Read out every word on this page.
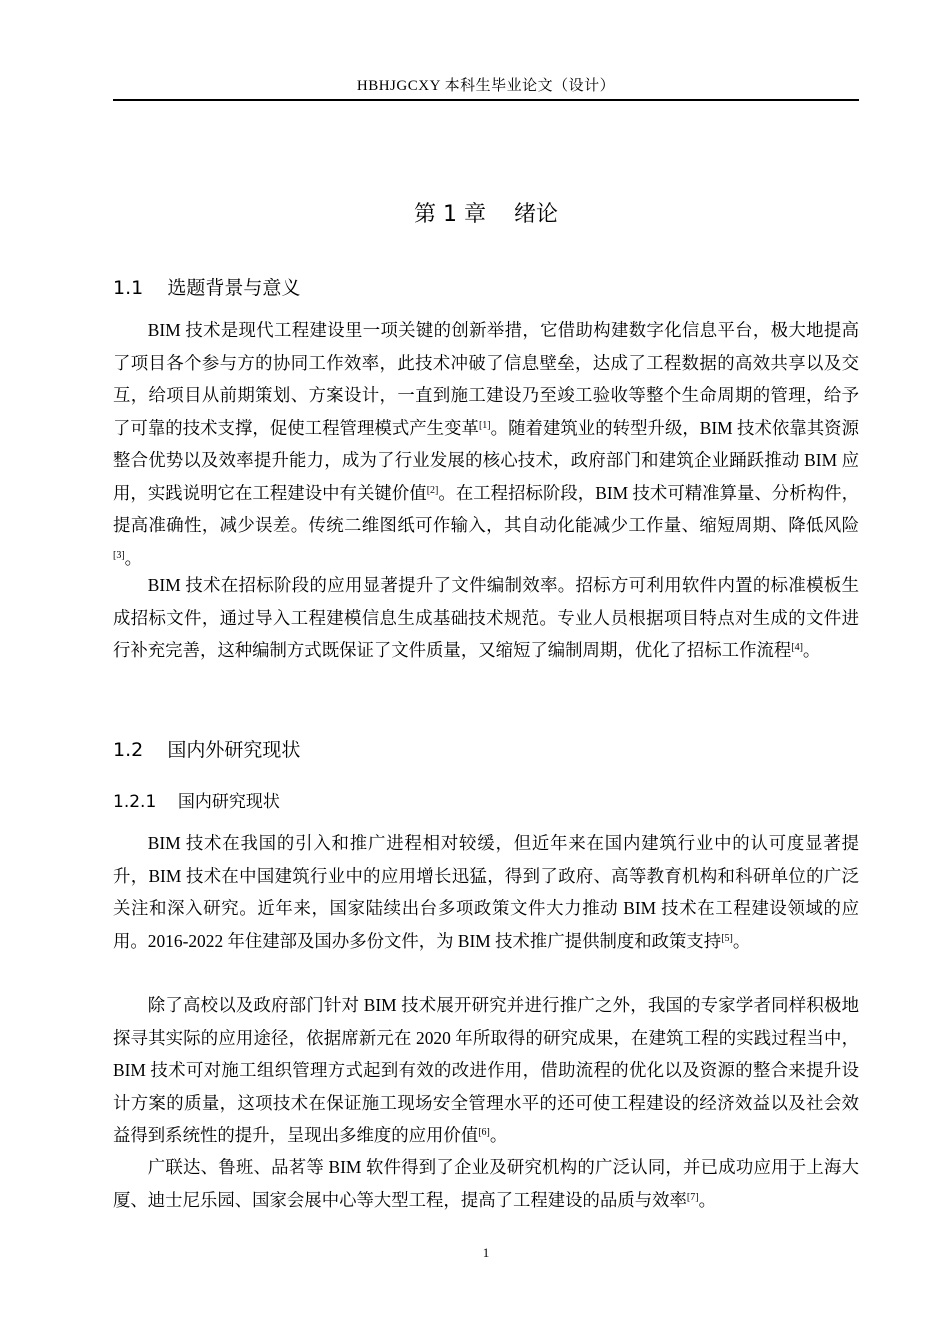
HBHJGCXY 本科生毕业论文（设计）
第 1 章    绪论
1.1    选题背景与意义

BIM 技术是现代工程建设里一项关键的创新举措，它借助构建数字化信息平台，极大地提高了项目各个参与方的协同工作效率，此技术冲破了信息壁垒，达成了工程数据的高效共享以及交互，给项目从前期策划、方案设计，一直到施工建设乃至竣工验收等整个生命周期的管理，给予了可靠的技术支撑，促使工程管理模式产生变革[1]。随着建筑业的转型升级，BIM 技术依靠其资源整合优势以及效率提升能力，成为了行业发展的核心技术，政府部门和建筑企业踊跃推动 BIM 应用，实践说明它在工程建设中有关键价值[2]。在工程招标阶段，BIM 技术可精准算量、分析构件，提高准确性，减少误差。传统二维图纸可作输入，其自动化能减少工作量、缩短周期、降低风险[3]。

BIM 技术在招标阶段的应用显著提升了文件编制效率。招标方可利用软件内置的标准模板生成招标文件，通过导入工程建模信息生成基础技术规范。专业人员根据项目特点对生成的文件进行补充完善，这种编制方式既保证了文件质量，又缩短了编制周期，优化了招标工作流程[4]。

1.2    国内外研究现状
1.2.1    国内研究现状

BIM 技术在我国的引入和推广进程相对较缓，但近年来在国内建筑行业中的认可度显著提升，BIM 技术在中国建筑行业中的应用增长迅猛，得到了政府、高等教育机构和科研单位的广泛关注和深入研究。近年来，国家陆续出台多项政策文件大力推动 BIM 技术在工程建设领域的应用。2016-2022 年住建部及国办多份文件，为 BIM 技术推广提供制度和政策支持[5]。

除了高校以及政府部门针对 BIM 技术展开研究并进行推广之外，我国的专家学者同样积极地探寻其实际的应用途径，依据席新元在 2020 年所取得的研究成果，在建筑工程的实践过程当中，BIM 技术可对施工组织管理方式起到有效的改进作用，借助流程的优化以及资源的整合来提升设计方案的质量，这项技术在保证施工现场安全管理水平的还可使工程建设的经济效益以及社会效益得到系统性的提升，呈现出多维度的应用价值[6]。

广联达、鲁班、品茗等 BIM 软件得到了企业及研究机构的广泛认同，并已成功应用于上海大厦、迪士尼乐园、国家会展中心等大型工程，提高了工程建设的品质与效率[7]。

1
